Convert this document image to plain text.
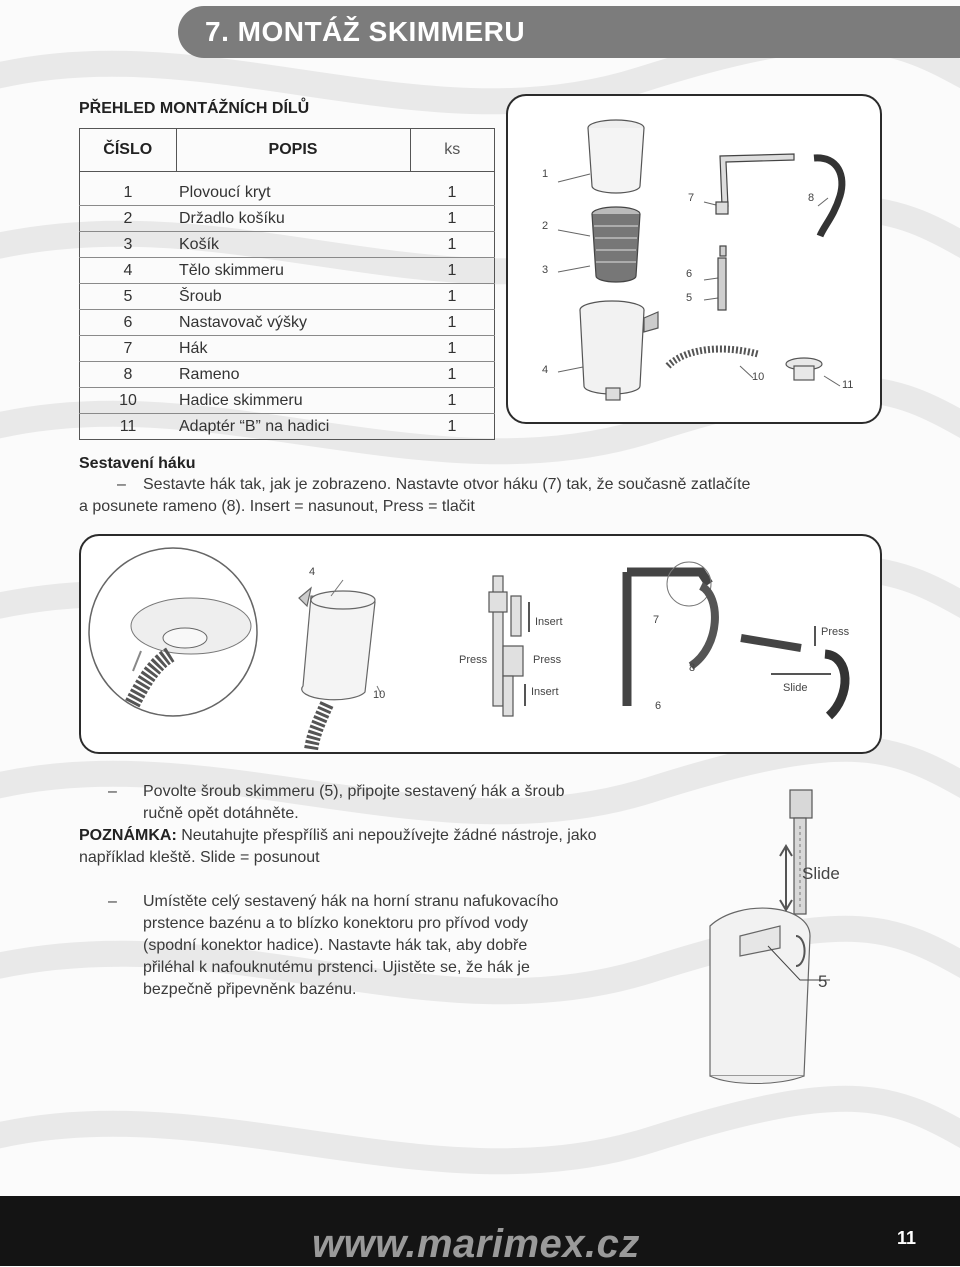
7. MONTÁŽ SKIMMERU
PŘEHLED MONTÁŽNÍCH DÍLŮ
ČÍSLO	POPIS	ks
1	Plovoucí kryt	1
2	Držadlo košíku	1
3	Košík	1
4	Tělo skimmeru	1
5	Šroub	1
6	Nastavovač výšky	1
7	Hák	1
8	Rameno	1
10	Hadice skimmeru	1
11	Adaptér “B” na hadici	1
1
2
3
4
5
6
7	8
10
11
Sestavení háku
– Sestavte hák tak, jak je zobrazeno. Nastavte otvor háku (7) tak, že současně zatlačíte
a posunete rameno (8). Insert = nasunout, Press = tlačit
4
10
7
8
6
Insert
Press	Press
Insert
Press
Slide
– Povolte šroub skimmeru (5), připojte sestavený hák a šroub ručně opět dotáhněte.
POZNÁMKA: Neutahujte přespříliš ani nepoužívejte žádné nástroje, jako například kleště. Slide = posunout
– Umístěte celý sestavený hák na horní stranu nafukovacího prstence bazénu a to blízko konektoru pro přívod vody (spodní konektor hadice). Nastavte hák tak, aby dobře přiléhal k nafouknutému prstenci. Ujistěte se, že hák je bezpečně připevněnk bazénu.
Slide
5
www.marimex.cz	11
